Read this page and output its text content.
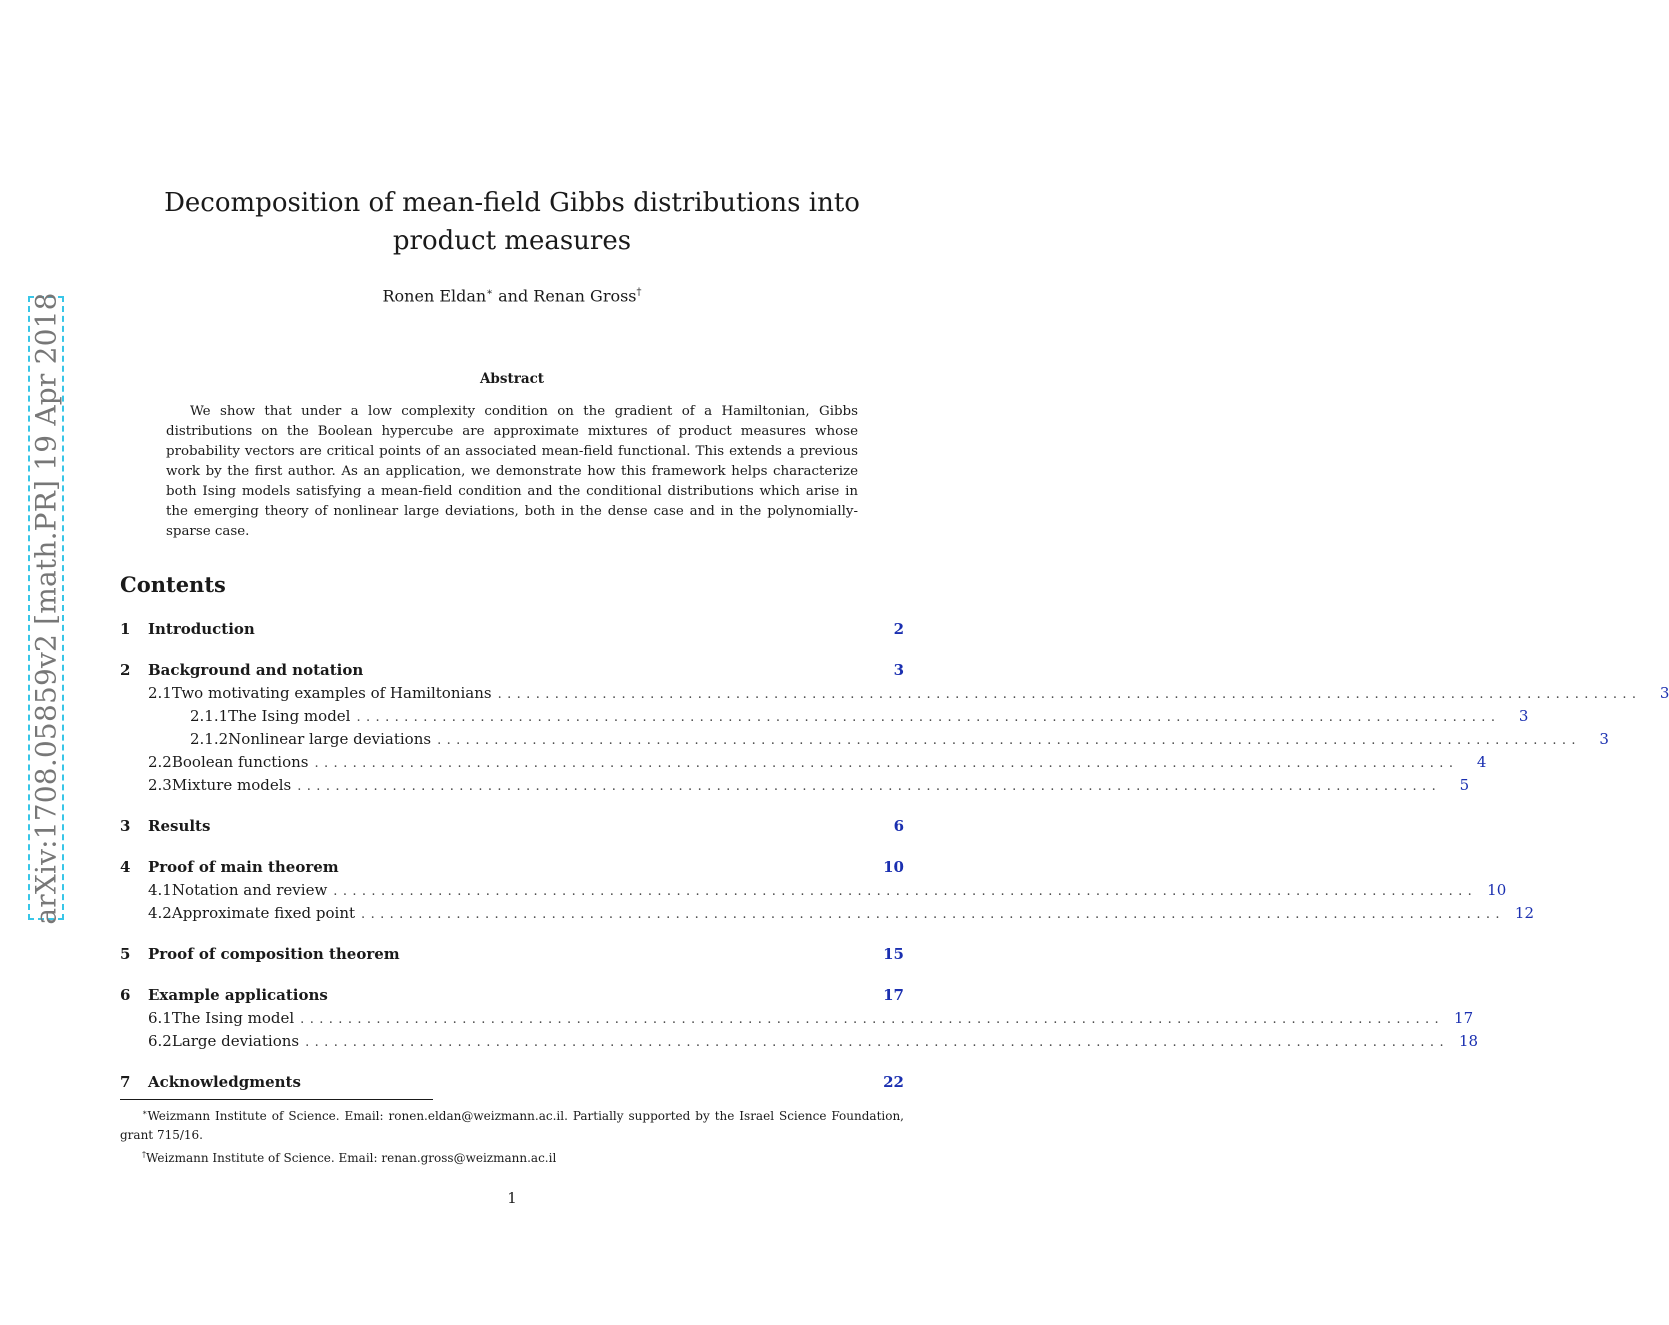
arXiv:1708.05859v2 [math.PR] 19 Apr 2018
Decomposition of mean-field Gibbs distributions into product measures
Ronen Eldan∗ and Renan Gross†
Abstract
We show that under a low complexity condition on the gradient of a Hamiltonian, Gibbs distributions on the Boolean hypercube are approximate mixtures of product measures whose probability vectors are critical points of an associated mean-field functional. This extends a previous work by the first author. As an application, we demonstrate how this framework helps characterize both Ising models satisfying a mean-field condition and the conditional distributions which arise in the emerging theory of nonlinear large deviations, both in the dense case and in the polynomially-sparse case.
Contents
1	Introduction	2
2	Background and notation	3
2.1 Two motivating examples of Hamiltonians ........................................................................................................................	3
2.1.1 The Ising model ........................................................................................................................	3
2.1.2 Nonlinear large deviations ........................................................................................................................	3
2.2 Boolean functions ........................................................................................................................	4
2.3 Mixture models ........................................................................................................................	5
3	Results	6
4	Proof of main theorem	10
4.1 Notation and review ........................................................................................................................ 10
4.2 Approximate fixed point ........................................................................................................................ 12
5	Proof of composition theorem	15
6	Example applications	17
6.1 The Ising model ........................................................................................................................ 17
6.2 Large deviations ........................................................................................................................ 18
7	Acknowledgments	22

∗Weizmann Institute of Science. Email: ronen.eldan@weizmann.ac.il. Partially supported by the Israel Science Foundation, grant 715/16.

†Weizmann Institute of Science. Email: renan.gross@weizmann.ac.il

1
